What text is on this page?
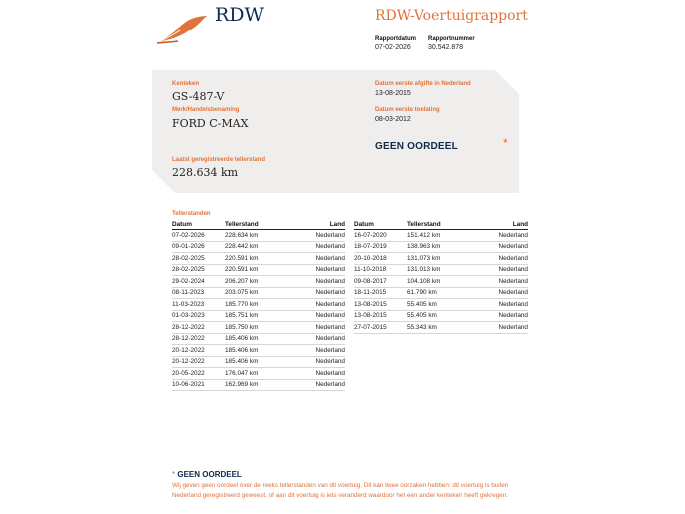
RDW	RDW-Voertuigrapport
Rapportdatum
07-02-2026
Rapportnummer
30.542.878
Kenteken
GS-487-V
Merk/Handelsbenaming
FORD C-MAX
Datum eerste afgifte in Nederland
13-08-2015
Datum eerste toelating
08-03-2012
GEEN OORDEEL	*
Laatst geregistreerde tellerstand
228.634 km
Tellerstanden
Datum	Tellerstand	Land
07-02-2026	228.634 km	Nederland
09-01-2026	228.442 km	Nederland
28-02-2025	220.591 km	Nederland
28-02-2025	220.591 km	Nederland
29-02-2024	206.207 km	Nederland
08-11-2023	203.075 km	Nederland
11-03-2023	185.770 km	Nederland
01-03-2023	185.751 km	Nederland
28-12-2022	185.750 km	Nederland
28-12-2022	185.406 km	Nederland
20-12-2022	185.406 km	Nederland
20-12-2022	185.406 km	Nederland
20-05-2022	176.047 km	Nederland
10-06-2021	162.969 km	Nederland
Datum	Tellerstand	Land
16-07-2020	151.412 km	Nederland
18-07-2019	138.963 km	Nederland
20-10-2018	131.073 km	Nederland
11-10-2018	131.013 km	Nederland
09-08-2017	104.108 km	Nederland
18-11-2015	61.790 km	Nederland
13-08-2015	55.405 km	Nederland
13-08-2015	55.405 km	Nederland
27-07-2015	55.343 km	Nederland
* GEEN OORDEEL
Wij geven geen oordeel over de reeks tellerstanden van dit voertuig. Dit kan twee oorzaken hebben: dit voertuig is buiten Nederland geregistreerd geweest, of aan dit voertuig is iets veranderd waardoor het een ander kenteken heeft gekregen.
